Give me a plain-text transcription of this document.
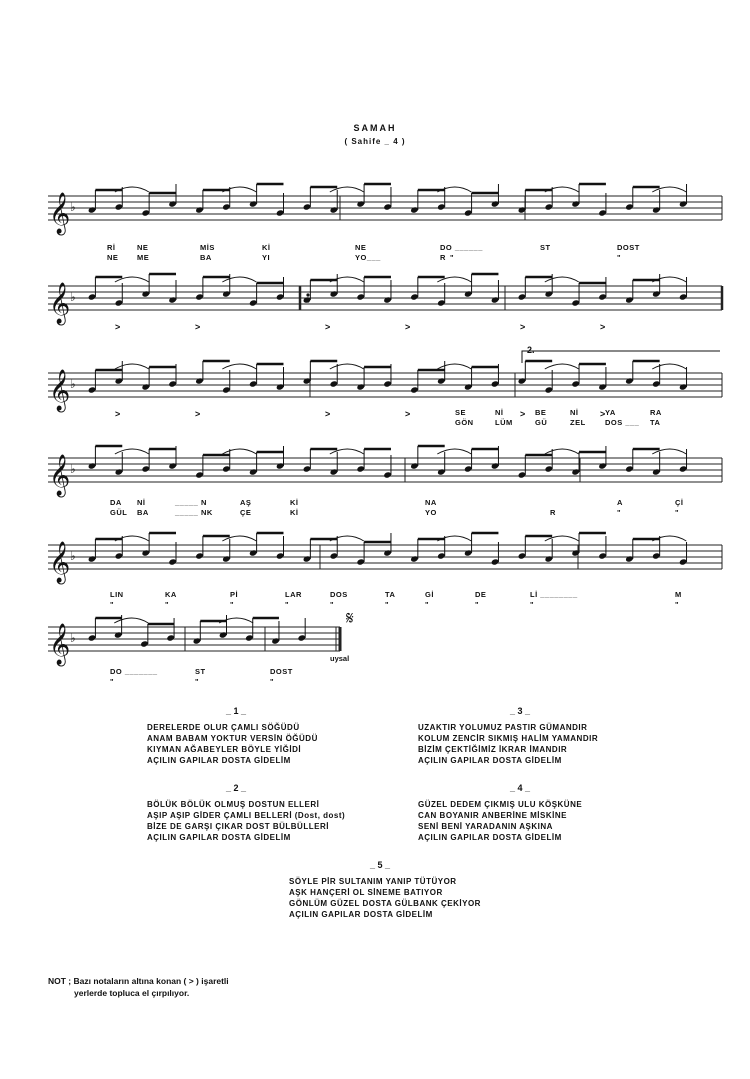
SAMAH
( Sahife _ 4 )
𝄞 ♭
𝄞 ♭
>	>	>	>	>	>
𝄞 ♭
>	>	>	>	>	>
𝄞 ♭
𝄞 ♭
𝄞 ♭
Rİ
NE
NE
ME
MİS
BA
Kİ
YI
NE
YO___
DO ______
R "
ST	DOST
"
SE
GÖN
Nİ
LÜM
BE
GÜ
Nİ
ZEL
YA
DOS ___
RA
TA
DA
GÜL
Nİ
BA
_____ N
_____ NK
AŞ
ÇE
Kİ
Kİ
NA
YO	R
A
"
Çİ
"
LIN
"
KA
"
Pİ
"
LAR
"
DOS
"
TA
"
Gİ
"
DE
"
Lİ ________
"
M
"
DO _______
"
ST
"
DOST
"
2.
𝄋
uysal
_ 1 _
DERELERDE OLUR ÇAMLI SÖĞÜDÜ
ANAM BABAM YOKTUR VERSİN ÖĞÜDÜ
KIYMAN AĞABEYLER BÖYLE YİĞİDİ
AÇILIN GAPILAR DOSTA GİDELİM
_ 3 _
UZAKTIR YOLUMUZ PASTIR GÜMANDIR
KOLUM ZENCİR SIKMIŞ HALİM YAMANDIR
BİZİM ÇEKTİĞİMİZ İKRAR İMANDIR
AÇILIN GAPILAR DOSTA GİDELİM
_ 2 _
BÖLÜK BÖLÜK OLMUŞ DOSTUN ELLERİ
AŞIP AŞIP GİDER ÇAMLI BELLERİ (Dost, dost)
BİZE DE GARŞI ÇIKAR DOST BÜLBÜLLERİ
AÇILIN GAPILAR DOSTA GİDELİM
_ 4 _
GÜZEL DEDEM ÇIKMIŞ ULU KÖŞKÜNE
CAN BOYANIR ANBERİNE MİSKİNE
SENİ BENİ YARADANIN AŞKINA
AÇILIN GAPILAR DOSTA GİDELİM
_ 5 _
SÖYLE PİR SULTANIM YANIP TÜTÜYOR
AŞK HANÇERİ OL SİNEME BATIYOR
GÖNLÜM GÜZEL DOSTA GÜLBANK ÇEKİYOR
AÇILIN GAPILAR DOSTA GİDELİM
NOT ; Bazı notaların altına konan ( > ) işaretli
yerlerde topluca el çırpılıyor.
